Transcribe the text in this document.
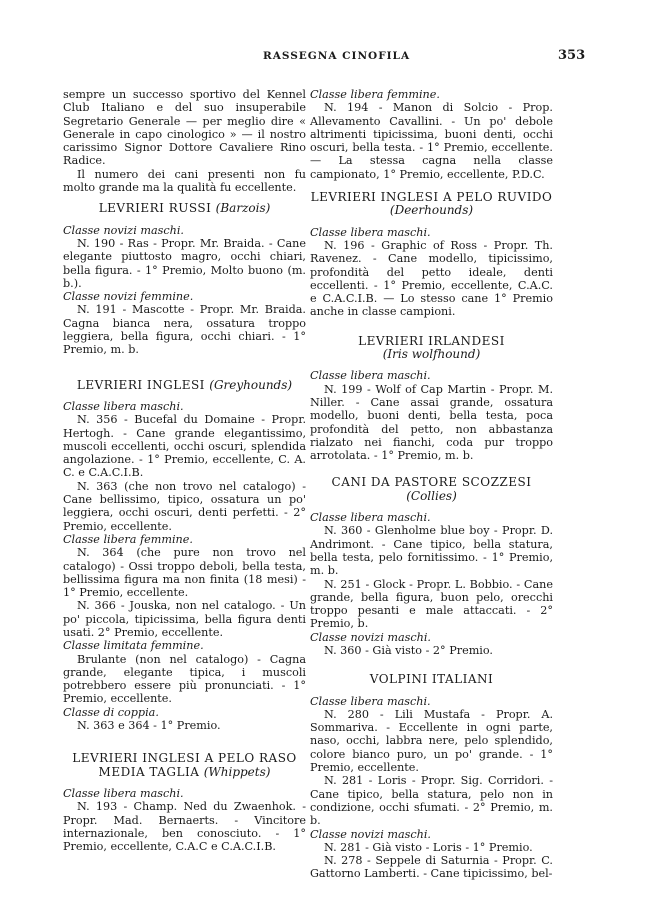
RASSEGNA CINOFILA	353

sempre un successo sportivo del Kennel Club Italiano e del suo insuperabile Segretario Generale — per meglio dire « Generale in capo cinologico » — il nostro carissimo Signor Dottore Cavaliere Rino Radice.

Il numero dei cani presenti non fu molto grande ma la qualità fu eccellente.

LEVRIERI RUSSI (Barzois)

Classe novizi maschi.

N. 190 - Ras - Propr. Mr. Braida. - Cane elegante piuttosto magro, occhi chiari, bella figura. - 1° Premio, Molto buono (m. b.).

Classe novizi femmine.

N. 191 - Mascotte - Propr. Mr. Braida. Cagna bianca nera, ossatura troppo leggiera, bella figura, occhi chiari. - 1° Premio, m. b.

LEVRIERI INGLESI (Greyhounds)

Classe libera maschi.

N. 356 - Bucefal du Domaine - Propr. Hertogh. - Cane grande elegantissimo, muscoli eccellenti, occhi oscuri, splendida angolazione. - 1° Premio, eccellente, C. A. C. e C.A.C.I.B.

N. 363 (che non trovo nel catalogo) - Cane bellissimo, tipico, ossatura un po' leggiera, occhi oscuri, denti perfetti. - 2° Premio, eccellente.

Classe libera femmine.

N. 364 (che pure non trovo nel catalogo) - Ossi troppo deboli, bella testa, bellissima figura ma non finita (18 mesi) - 1° Premio, eccellente.

N. 366 - Jouska, non nel catalogo. - Un po' piccola, tipicissima, bella figura denti usati. 2° Premio, eccellente.

Classe limitata femmine.

Brulante (non nel catalogo) - Cagna grande, elegante tipica, i muscoli potrebbero essere più pronunciati. - 1° Premio, eccellente.

Classe di coppia.

N. 363 e 364 - 1° Premio.

LEVRIERI INGLESI A PELO RASO
MEDIA TAGLIA (Whippets)

Classe libera maschi.

N. 193 - Champ. Ned du Zwaenhok. - Propr. Mad. Bernaerts. - Vincitore internazionale, ben conosciuto. - 1° Premio, eccellente, C.A.C e C.A.C.I.B.

Classe libera femmine.

N. 194 - Manon di Solcio - Prop. Allevamento Cavallini. - Un po' debole altrimenti tipicissima, buoni denti, occhi oscuri, bella testa. - 1° Premio, eccellente. — La stessa cagna nella classe campionato, 1° Premio, eccellente, P.D.C.

LEVRIERI INGLESI A PELO RUVIDO
(Deerhounds)

Classe libera maschi.

N. 196 - Graphic of Ross - Propr. Th. Ravenez. - Cane modello, tipicissimo, profondità del petto ideale, denti eccellenti. - 1° Premio, eccellente, C.A.C. e C.A.C.I.B. — Lo stesso cane 1° Premio anche in classe campioni.

LEVRIERI IRLANDESI
(Iris wolfhound)

Classe libera maschi.

N. 199 - Wolf of Cap Martin - Propr. M. Niller. - Cane assai grande, ossatura modello, buoni denti, bella testa, poca profondità del petto, non abbastanza rialzato nei fianchi, coda pur troppo arrotolata. - 1° Premio, m. b.

CANI DA PASTORE SCOZZESI (Collies)

Classe libera maschi.

N. 360 - Glenholme blue boy - Propr. D. Andrimont. - Cane tipico, bella statura, bella testa, pelo fornitissimo. - 1° Premio, m. b.

N. 251 - Glock - Propr. L. Bobbio. - Cane grande, bella figura, buon pelo, orecchi troppo pesanti e male attaccati. - 2° Premio, b.

Classe novizi maschi.

N. 360 - Già visto - 2° Premio.

VOLPINI ITALIANI

Classe libera maschi.

N. 280 - Lili Mustafa - Propr. A. Sommariva. - Eccellente in ogni parte, naso, occhi, labbra nere, pelo splendido, colore bianco puro, un po' grande. - 1° Premio, eccellente.

N. 281 - Loris - Propr. Sig. Corridori. - Cane tipico, bella statura, pelo non in condizione, occhi sfumati. - 2° Premio, m. b.

Classe novizi maschi.

N. 281 - Già visto - Loris - 1° Premio.

N. 278 - Seppele di Saturnia - Propr. C. Gattorno Lamberti. - Cane tipicissimo, bel-
